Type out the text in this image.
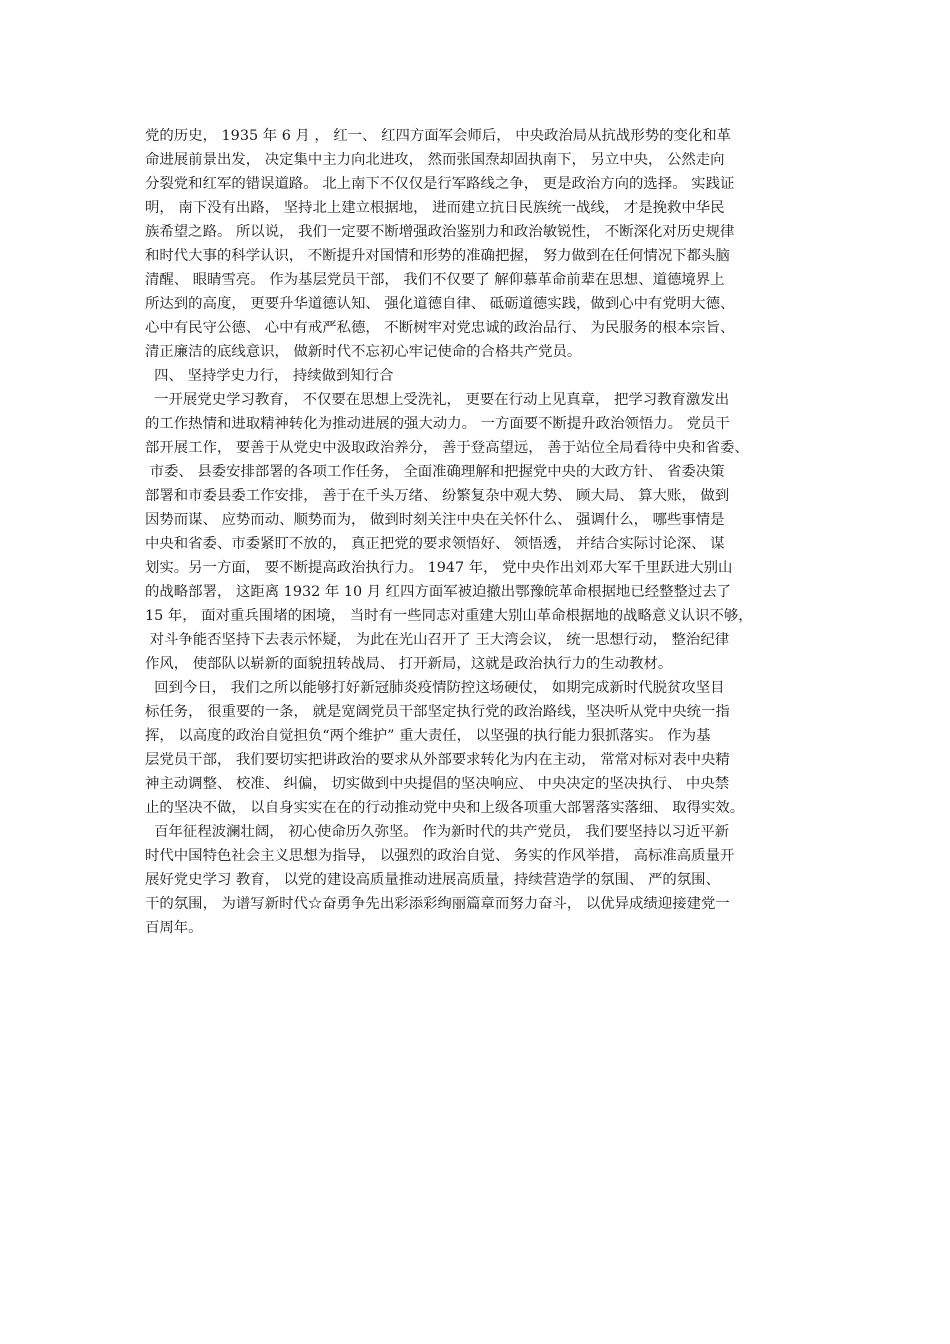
党的历史， 1935 年 6 月 ， 红一、 红四方面军会师后， 中央政治局从抗战形势的变化和革
命进展前景出发， 决定集中主力向北进攻， 然而张国焘却固执南下， 另立中央， 公然走向
分裂党和红军的错误道路。 北上南下不仅仅是行军路线之争， 更是政治方向的选择。 实践证
明， 南下没有出路， 坚持北上建立根据地， 进而建立抗日民族统一战线， 才是挽救中华民
族希望之路。 所以说， 我们一定要不断增强政治鉴别力和政治敏锐性， 不断深化对历史规律
和时代大事的科学认识， 不断提升对国情和形势的准确把握， 努力做到在任何情况下都头脑
清醒、 眼睛雪亮。 作为基层党员干部， 我们不仅要了 解仰慕革命前辈在思想、道德境界上
所达到的高度， 更要升华道德认知、 强化道德自律、 砥砺道德实践，做到心中有党明大德、
心中有民守公德、 心中有戒严私德， 不断树牢对党忠诚的政治品行、 为民服务的根本宗旨、
清正廉洁的底线意识， 做新时代不忘初心牢记使命的合格共产党员。
四、 坚持学史力行， 持续做到知行合
一开展党史学习教育， 不仅要在思想上受洗礼， 更要在行动上见真章， 把学习教育激发出
的工作热情和进取精神转化为推动进展的强大动力。 一方面要不断提升政治领悟力。 党员干
部开展工作， 要善于从党史中汲取政治养分， 善于登高望远， 善于站位全局看待中央和省委、
市委、 县委安排部署的各项工作任务， 全面准确理解和把握党中央的大政方针、 省委决策
部署和市委县委工作安排， 善于在千头万绪、 纷繁复杂中观大势、 顾大局、 算大账， 做到
因势而谋、 应势而动、顺势而为， 做到时刻关注中央在关怀什么、 强调什么， 哪些事情是
中央和省委、市委紧盯不放的， 真正把党的要求领悟好、 领悟透， 并结合实际讨论深、 谋
划实。另一方面， 要不断提高政治执行力。 1947 年， 党中央作出刘邓大军千里跃进大别山
的战略部署， 这距离 1932 年 10 月 红四方面军被迫撤出鄂豫皖革命根据地已经整整过去了
15 年， 面对重兵围堵的困境， 当时有一些同志对重建大别山革命根据地的战略意义认识不够，
对斗争能否坚持下去表示怀疑， 为此在光山召开了 王大湾会议， 统一思想行动， 整治纪律
作风， 使部队以崭新的面貌扭转战局、 打开新局，这就是政治执行力的生动教材。
回到今日， 我们之所以能够打好新冠肺炎疫情防控这场硬仗， 如期完成新时代脱贫攻坚目
标任务， 很重要的一条， 就是宽阔党员干部坚定执行党的政治路线，坚决听从党中央统一指
挥， 以高度的政治自觉担负“两个维护” 重大责任， 以坚强的执行能力狠抓落实。 作为基
层党员干部， 我们要切实把讲政治的要求从外部要求转化为内在主动， 常常对标对表中央精
神主动调整、 校准、 纠偏， 切实做到中央提倡的坚决响应、 中央决定的坚决执行、 中央禁
止的坚决不做， 以自身实实在在的行动推动党中央和上级各项重大部署落实落细、 取得实效。
百年征程波澜壮阔， 初心使命历久弥坚。 作为新时代的共产党员， 我们要坚持以习近平新
时代中国特色社会主义思想为指导， 以强烈的政治自觉、 务实的作风举措， 高标准高质量开
展好党史学习 教育， 以党的建设高质量推动进展高质量，持续营造学的氛围、 严的氛围、
干的氛围， 为谱写新时代☆奋勇争先出彩添彩绚丽篇章而努力奋斗， 以优异成绩迎接建党一
百周年。
